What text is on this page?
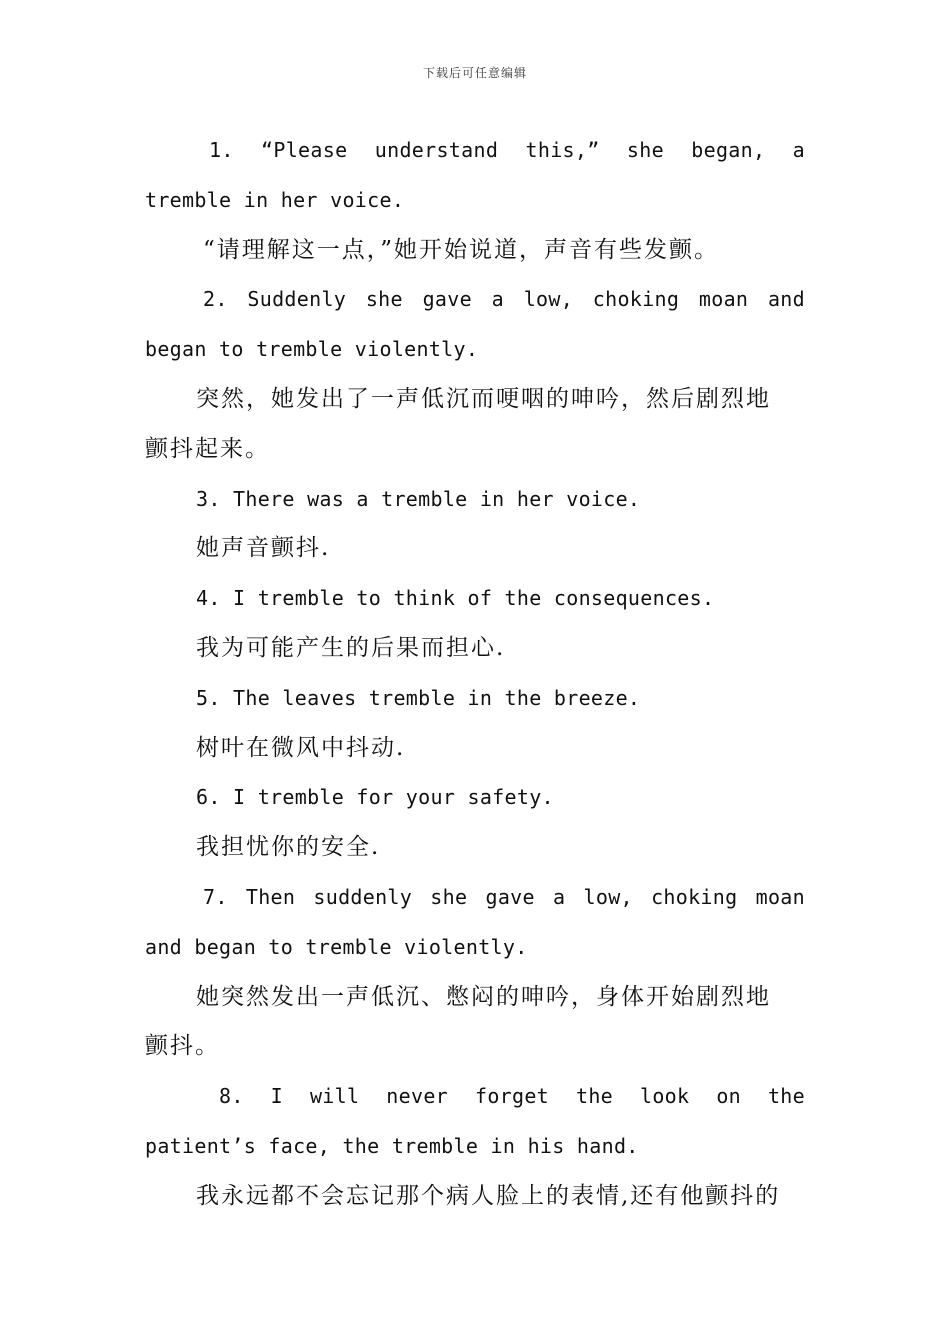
下载后可任意编辑
1. “Please understand this,” she began, a
tremble in her voice.
“请理解这一点，”她开始说道，声音有些发颤。
2. Suddenly she gave a low, choking moan and
began to tremble violently.
突然，她发出了一声低沉而哽咽的呻吟，然后剧烈地
颤抖起来。
3. There was a tremble in her voice.
她声音颤抖.
4. I tremble to think of the consequences.
我为可能产生的后果而担心.
5. The leaves tremble in the breeze.
树叶在微风中抖动.
6. I tremble for your safety.
我担忧你的安全.
7. Then suddenly she gave a low, choking moan
and began to tremble violently.
她突然发出一声低沉、憋闷的呻吟，身体开始剧烈地
颤抖。
8. I will never forget the look on the
patient’s face, the tremble in his hand.
我永远都不会忘记那个病人脸上的表情,还有他颤抖的
